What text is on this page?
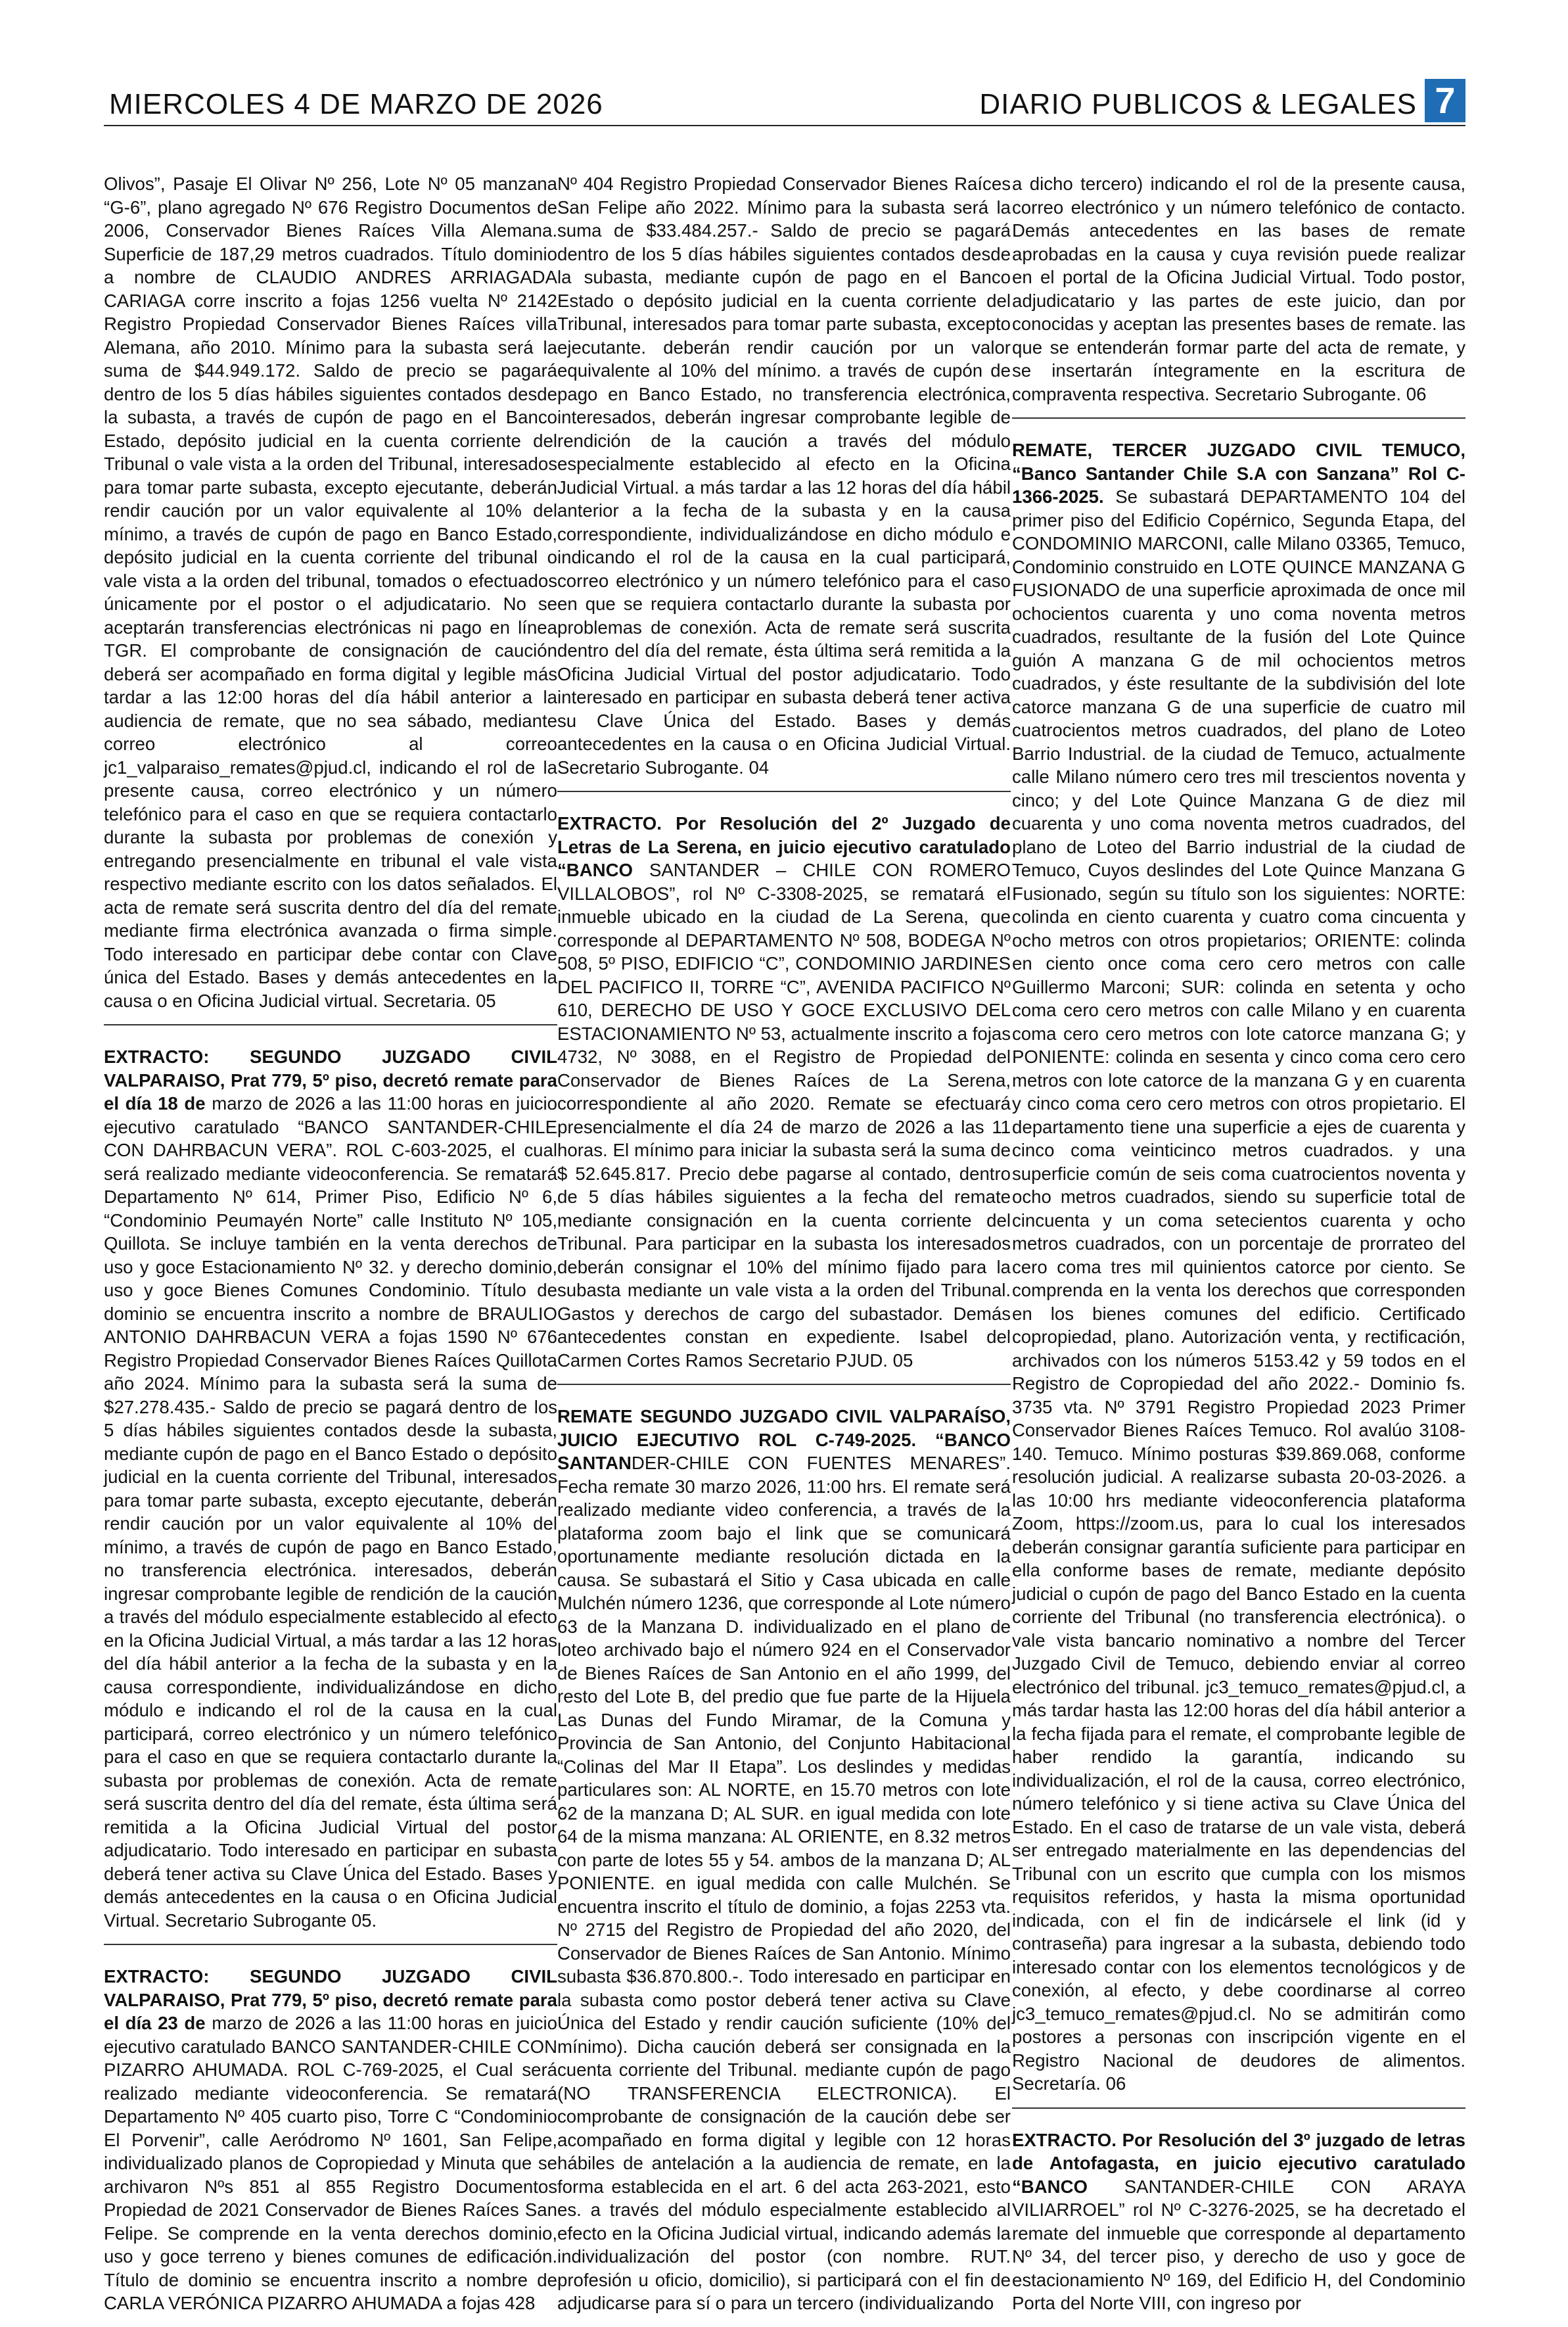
MIERCOLES 4 DE MARZO DE 2026	DIARIO PUBLICOS & LEGALES 7

Olivos”, Pasaje El Olivar Nº 256, Lote Nº 05 manzana “G-6”, plano agregado Nº 676 Registro Documentos de 2006, Conservador Bienes Raíces Villa Alemana. Superficie de 187,29 metros cuadrados. Título dominio a nombre de CLAUDIO ANDRES ARRIAGADA CARIAGA corre inscrito a fojas 1256 vuelta Nº 2142 Registro Propiedad Conservador Bienes Raíces villa Alemana, año 2010. Mínimo para la subasta será la suma de $44.949.172. Saldo de precio se pagará dentro de los 5 días hábiles siguientes contados desde la subasta, a través de cupón de pago en el Banco Estado, depósito judicial en la cuenta corriente del Tribunal o vale vista a la orden del Tribunal, interesados para tomar parte subasta, excepto ejecutante, deberán rendir caución por un valor equivalente al 10% del mínimo, a través de cupón de pago en Banco Estado, depósito judicial en la cuenta corriente del tribunal o vale vista a la orden del tribunal, tomados o efectuados únicamente por el postor o el adjudicatario. No se aceptarán transferencias electrónicas ni pago en línea TGR. El comprobante de consignación de caución deberá ser acompañado en forma digital y legible más tardar a las 12:00 horas del día hábil anterior a la audiencia de remate, que no sea sábado, mediante correo electrónico al correo jc1_valparaiso_remates@pjud.cl, indicando el rol de la presente causa, correo electrónico y un número telefónico para el caso en que se requiera contactarlo durante la subasta por problemas de conexión y entregando presencialmente en tribunal el vale vista respectivo mediante escrito con los datos señalados. El acta de remate será suscrita dentro del día del remate mediante firma electrónica avanzada o firma simple. Todo interesado en participar debe contar con Clave única del Estado. Bases y demás antecedentes en la causa o en Oficina Judicial virtual. Secretaria. 05

EXTRACTO: SEGUNDO JUZGADO CIVIL VALPARAISO, Prat 779, 5º piso, decretó remate para el día 18 de marzo de 2026 a las 11:00 horas en juicio ejecutivo caratulado “BANCO SANTANDER-CHILE CON DAHRBACUN VERA”. ROL C-603-2025, el cual será realizado mediante videoconferencia. Se rematará Departamento Nº 614, Primer Piso, Edificio Nº 6, “Condominio Peumayén Norte” calle Instituto Nº 105, Quillota. Se incluye también en la venta derechos de uso y goce Estacionamiento Nº 32. y derecho dominio, uso y goce Bienes Comunes Condominio. Título de dominio se encuentra inscrito a nombre de BRAULIO ANTONIO DAHRBACUN VERA a fojas 1590 Nº 676 Registro Propiedad Conservador Bienes Raíces Quillota año 2024. Mínimo para la subasta será la suma de $27.278.435.- Saldo de precio se pagará dentro de los 5 días hábiles siguientes contados desde la subasta, mediante cupón de pago en el Banco Estado o depósito judicial en la cuenta corriente del Tribunal, interesados para tomar parte subasta, excepto ejecutante, deberán rendir caución por un valor equivalente al 10% del mínimo, a través de cupón de pago en Banco Estado, no transferencia electrónica. interesados, deberán ingresar comprobante legible de rendición de la caución a través del módulo especialmente establecido al efecto en la Oficina Judicial Virtual, a más tardar a las 12 horas del día hábil anterior a la fecha de la subasta y en la causa correspondiente, individualizándose en dicho módulo e indicando el rol de la causa en la cual participará, correo electrónico y un número telefónico para el caso en que se requiera contactarlo durante la subasta por problemas de conexión. Acta de remate será suscrita dentro del día del remate, ésta última será remitida a la Oficina Judicial Virtual del postor adjudicatario. Todo interesado en participar en subasta deberá tener activa su Clave Única del Estado. Bases y demás antecedentes en la causa o en Oficina Judicial Virtual. Secretario Subrogante 05.

EXTRACTO: SEGUNDO JUZGADO CIVIL VALPARAISO, Prat 779, 5º piso, decretó remate para el día 23 de marzo de 2026 a las 11:00 horas en juicio ejecutivo caratulado BANCO SANTANDER-CHILE CON PIZARRO AHUMADA. ROL C-769-2025, el Cual será realizado mediante videoconferencia. Se rematará Departamento Nº 405 cuarto piso, Torre C “Condominio El Porvenir”, calle Aeródromo Nº 1601, San Felipe, individualizado planos de Copropiedad y Minuta que se archivaron Nºs 851 al 855 Registro Documentos Propiedad de 2021 Conservador de Bienes Raíces San Felipe. Se comprende en la venta derechos dominio, uso y goce terreno y bienes comunes de edificación. Título de dominio se encuentra inscrito a nombre de CARLA VERÓNICA PIZARRO AHUMADA a fojas 428

Nº 404 Registro Propiedad Conservador Bienes Raíces San Felipe año 2022. Mínimo para la subasta será la suma de $33.484.257.- Saldo de precio se pagará dentro de los 5 días hábiles siguientes contados desde la subasta, mediante cupón de pago en el Banco Estado o depósito judicial en la cuenta corriente del Tribunal, interesados para tomar parte subasta, excepto ejecutante. deberán rendir caución por un valor equivalente al 10% del mínimo. a través de cupón de pago en Banco Estado, no transferencia electrónica, interesados, deberán ingresar comprobante legible de rendición de la caución a través del módulo especialmente establecido al efecto en la Oficina Judicial Virtual. a más tardar a las 12 horas del día hábil anterior a la fecha de la subasta y en la causa correspondiente, individualizándose en dicho módulo e indicando el rol de la causa en la cual participará, correo electrónico y un número telefónico para el caso en que se requiera contactarlo durante la subasta por problemas de conexión. Acta de remate será suscrita dentro del día del remate, ésta última será remitida a la Oficina Judicial Virtual del postor adjudicatario. Todo interesado en participar en subasta deberá tener activa su Clave Única del Estado. Bases y demás antecedentes en la causa o en Oficina Judicial Virtual. Secretario Subrogante. 04

EXTRACTO. Por Resolución del 2º Juzgado de Letras de La Serena, en juicio ejecutivo caratulado “BANCO SANTANDER – CHILE CON ROMERO VILLALOBOS”, rol Nº C-3308-2025, se rematará el inmueble ubicado en la ciudad de La Serena, que corresponde al DEPARTAMENTO Nº 508, BODEGA Nº 508, 5º PISO, EDIFICIO “C”, CONDOMINIO JARDINES DEL PACIFICO II, TORRE “C”, AVENIDA PACIFICO Nº 610, DERECHO DE USO Y GOCE EXCLUSIVO DEL ESTACIONAMIENTO Nº 53, actualmente inscrito a fojas 4732, Nº 3088, en el Registro de Propiedad del Conservador de Bienes Raíces de La Serena, correspondiente al año 2020. Remate se efectuará presencialmente el día 24 de marzo de 2026 a las 11 horas. El mínimo para iniciar la subasta será la suma de $ 52.645.817. Precio debe pagarse al contado, dentro de 5 días hábiles siguientes a la fecha del remate mediante consignación en la cuenta corriente del Tribunal. Para participar en la subasta los interesados deberán consignar el 10% del mínimo fijado para la subasta mediante un vale vista a la orden del Tribunal. Gastos y derechos de cargo del subastador. Demás antecedentes constan en expediente. Isabel del Carmen Cortes Ramos Secretario PJUD. 05

REMATE SEGUNDO JUZGADO CIVIL VALPARAÍSO, JUICIO EJECUTIVO ROL C-749-2025. “BANCO SANTANDER-CHILE CON FUENTES MENARES”. Fecha remate 30 marzo 2026, 11:00 hrs. El remate será realizado mediante video conferencia, a través de la plataforma zoom bajo el link que se comunicará oportunamente mediante resolución dictada en la causa. Se subastará el Sitio y Casa ubicada en calle Mulchén número 1236, que corresponde al Lote número 63 de la Manzana D. individualizado en el plano de loteo archivado bajo el número 924 en el Conservador de Bienes Raíces de San Antonio en el año 1999, del resto del Lote B, del predio que fue parte de la Hijuela Las Dunas del Fundo Miramar, de la Comuna y Provincia de San Antonio, del Conjunto Habitacional “Colinas del Mar II Etapa”. Los deslindes y medidas particulares son: AL NORTE, en 15.70 metros con lote 62 de la manzana D; AL SUR. en igual medida con lote 64 de la misma manzana: AL ORIENTE, en 8.32 metros con parte de lotes 55 y 54. ambos de la manzana D; AL PONIENTE. en igual medida con calle Mulchén. Se encuentra inscrito el título de dominio, a fojas 2253 vta. Nº 2715 del Registro de Propiedad del año 2020, del Conservador de Bienes Raíces de San Antonio. Mínimo subasta $36.870.800.-. Todo interesado en participar en la subasta como postor deberá tener activa su Clave Única del Estado y rendir caución suficiente (10% del mínimo). Dicha caución deberá ser consignada en la cuenta corriente del Tribunal. mediante cupón de pago (NO TRANSFERENCIA ELECTRONICA). El comprobante de consignación de la caución debe ser acompañado en forma digital y legible con 12 horas hábiles de antelación a la audiencia de remate, en la forma establecida en el art. 6 del acta 263-2021, esto es. a través del módulo especialmente establecido al efecto en la Oficina Judicial virtual, indicando además la individualización del postor (con nombre. RUT. profesión u oficio, domicilio), si participará con el fin de adjudicarse para sí o para un tercero (individualizando

a dicho tercero) indicando el rol de la presente causa, correo electrónico y un número telefónico de contacto. Demás antecedentes en las bases de remate aprobadas en la causa y cuya revisión puede realizar en el portal de la Oficina Judicial Virtual. Todo postor, adjudicatario y las partes de este juicio, dan por conocidas y aceptan las presentes bases de remate. las que se entenderán formar parte del acta de remate, y se insertarán íntegramente en la escritura de compraventa respectiva. Secretario Subrogante. 06

REMATE, TERCER JUZGADO CIVIL TEMUCO, “Banco Santander Chile S.A con Sanzana” Rol C-1366-2025. Se subastará DEPARTAMENTO 104 del primer piso del Edificio Copérnico, Segunda Etapa, del CONDOMINIO MARCONI, calle Milano 03365, Temuco, Condominio construido en LOTE QUINCE MANZANA G FUSIONADO de una superficie aproximada de once mil ochocientos cuarenta y uno coma noventa metros cuadrados, resultante de la fusión del Lote Quince guión A manzana G de mil ochocientos metros cuadrados, y éste resultante de la subdivisión del lote catorce manzana G de una superficie de cuatro mil cuatrocientos metros cuadrados, del plano de Loteo Barrio Industrial. de la ciudad de Temuco, actualmente calle Milano número cero tres mil trescientos noventa y cinco; y del Lote Quince Manzana G de diez mil cuarenta y uno coma noventa metros cuadrados, del plano de Loteo del Barrio industrial de la ciudad de Temuco, Cuyos deslindes del Lote Quince Manzana G Fusionado, según su título son los siguientes: NORTE: colinda en ciento cuarenta y cuatro coma cincuenta y ocho metros con otros propietarios; ORIENTE: colinda en ciento once coma cero cero metros con calle Guillermo Marconi; SUR: colinda en setenta y ocho coma cero cero metros con calle Milano y en cuarenta coma cero cero metros con lote catorce manzana G; y PONIENTE: colinda en sesenta y cinco coma cero cero metros con lote catorce de la manzana G y en cuarenta y cinco coma cero cero metros con otros propietario. El departamento tiene una superficie a ejes de cuarenta y cinco coma veinticinco metros cuadrados. y una superficie común de seis coma cuatrocientos noventa y ocho metros cuadrados, siendo su superficie total de cincuenta y un coma setecientos cuarenta y ocho metros cuadrados, con un porcentaje de prorrateo del cero coma tres mil quinientos catorce por ciento. Se comprenda en la venta los derechos que corresponden en los bienes comunes del edificio. Certificado copropiedad, plano. Autorización venta, y rectificación, archivados con los números 5153.42 y 59 todos en el Registro de Copropiedad del año 2022.- Dominio fs. 3735 vta. Nº 3791 Registro Propiedad 2023 Primer Conservador Bienes Raíces Temuco. Rol avalúo 3108-140. Temuco. Mínimo posturas $39.869.068, conforme resolución judicial. A realizarse subasta 20-03-2026. a las 10:00 hrs mediante videoconferencia plataforma Zoom, https://zoom.us, para lo cual los interesados deberán consignar garantía suficiente para participar en ella conforme bases de remate, mediante depósito judicial o cupón de pago del Banco Estado en la cuenta corriente del Tribunal (no transferencia electrónica). o vale vista bancario nominativo a nombre del Tercer Juzgado Civil de Temuco, debiendo enviar al correo electrónico del tribunal. jc3_temuco_remates@pjud.cl, a más tardar hasta las 12:00 horas del día hábil anterior a la fecha fijada para el remate, el comprobante legible de haber rendido la garantía, indicando su individualización, el rol de la causa, correo electrónico, número telefónico y si tiene activa su Clave Única del Estado. En el caso de tratarse de un vale vista, deberá ser entregado materialmente en las dependencias del Tribunal con un escrito que cumpla con los mismos requisitos referidos, y hasta la misma oportunidad indicada, con el fin de indicársele el link (id y contraseña) para ingresar a la subasta, debiendo todo interesado contar con los elementos tecnológicos y de conexión, al efecto, y debe coordinarse al correo jc3_temuco_remates@pjud.cl. No se admitirán como postores a personas con inscripción vigente en el Registro Nacional de deudores de alimentos. Secretaría. 06

EXTRACTO. Por Resolución del 3º juzgado de letras de Antofagasta, en juicio ejecutivo caratulado “BANCO SANTANDER-CHILE CON ARAYA VILIARROEL” rol Nº C-3276-2025, se ha decretado el remate del inmueble que corresponde al departamento Nº 34, del tercer piso, y derecho de uso y goce de estacionamiento Nº 169, del Edificio H, del Condominio Porta del Norte VIII, con ingreso por
